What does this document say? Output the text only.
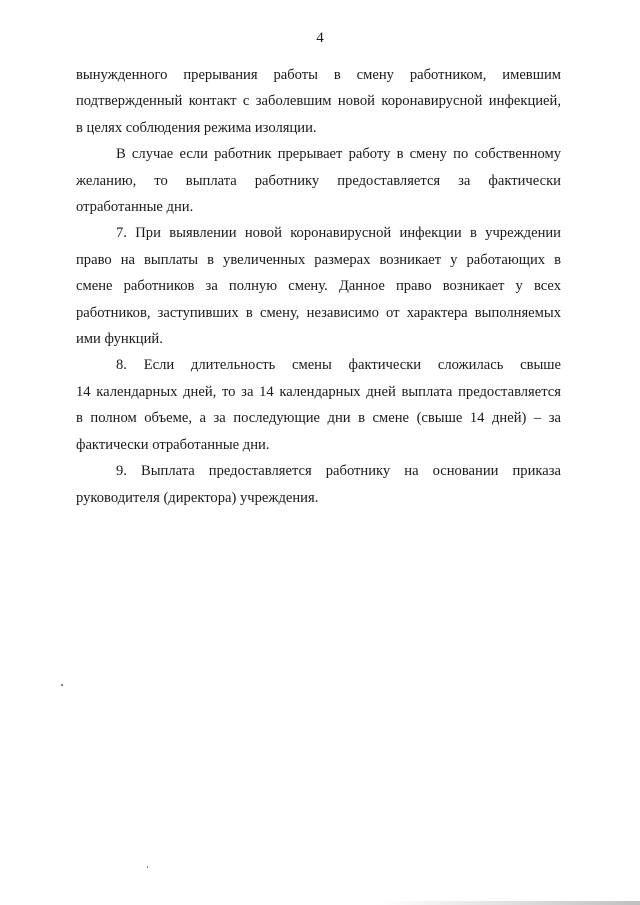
4

вынужденного прерывания работы в смену работником, имевшим
подтвержденный контакт с заболевшим новой коронавирусной инфекцией,
в целях соблюдения режима изоляции.

В случае если работник прерывает работу в смену по собственному
желанию, то выплата работнику предоставляется за фактически
отработанные дни.

7. При выявлении новой коронавирусной инфекции в учреждении
право на выплаты в увеличенных размерах возникает у работающих в
смене работников за полную смену. Данное право возникает у всех
работников, заступивших в смену, независимо от характера выполняемых
ими функций.

8. Если длительность смены фактически сложилась свыше
14 календарных дней, то за 14 календарных дней выплата предоставляется
в полном объеме, а за последующие дни в смене (свыше 14 дней) – за
фактически отработанные дни.

9. Выплата предоставляется работнику на основании приказа
руководителя (директора) учреждения.
